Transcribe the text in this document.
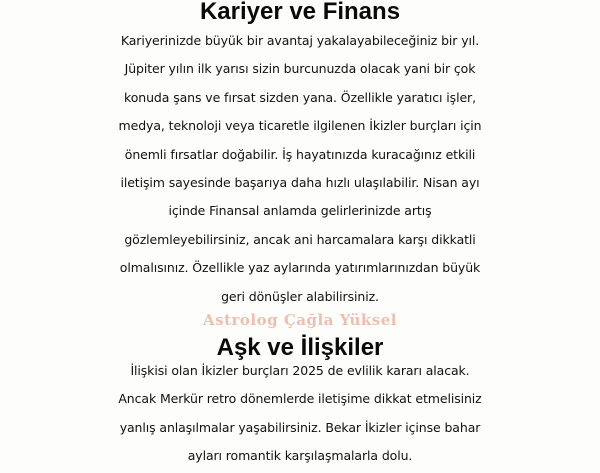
Kariyer ve Finans

Kariyerinizde büyük bir avantaj yakalayabileceğiniz bir yıl.
Jüpiter yılın ilk yarısı sizin burcunuzda olacak yani bir çok
konuda şans ve fırsat sizden yana. Özellikle yaratıcı işler,
medya, teknoloji veya ticaretle ilgilenen İkizler burçları için
önemli fırsatlar doğabilir. İş hayatınızda kuracağınız etkili
iletişim sayesinde başarıya daha hızlı ulaşılabilir. Nisan ayı
içinde Finansal anlamda gelirlerinizde artış
gözlemleyebilirsiniz, ancak ani harcamalara karşı dikkatli
olmalısınız. Özellikle yaz aylarında yatırımlarınızdan büyük
geri dönüşler alabilirsiniz.

Astrolog Çağla Yüksel
Aşk ve İlişkiler

İlişkisi olan İkizler burçları 2025 de evlilik kararı alacak.
Ancak Merkür retro dönemlerde iletişime dikkat etmelisiniz
yanlış anlaşılmalar yaşabilirsiniz. Bekar İkizler içinse bahar
ayları romantik karşılaşmalarla dolu.
